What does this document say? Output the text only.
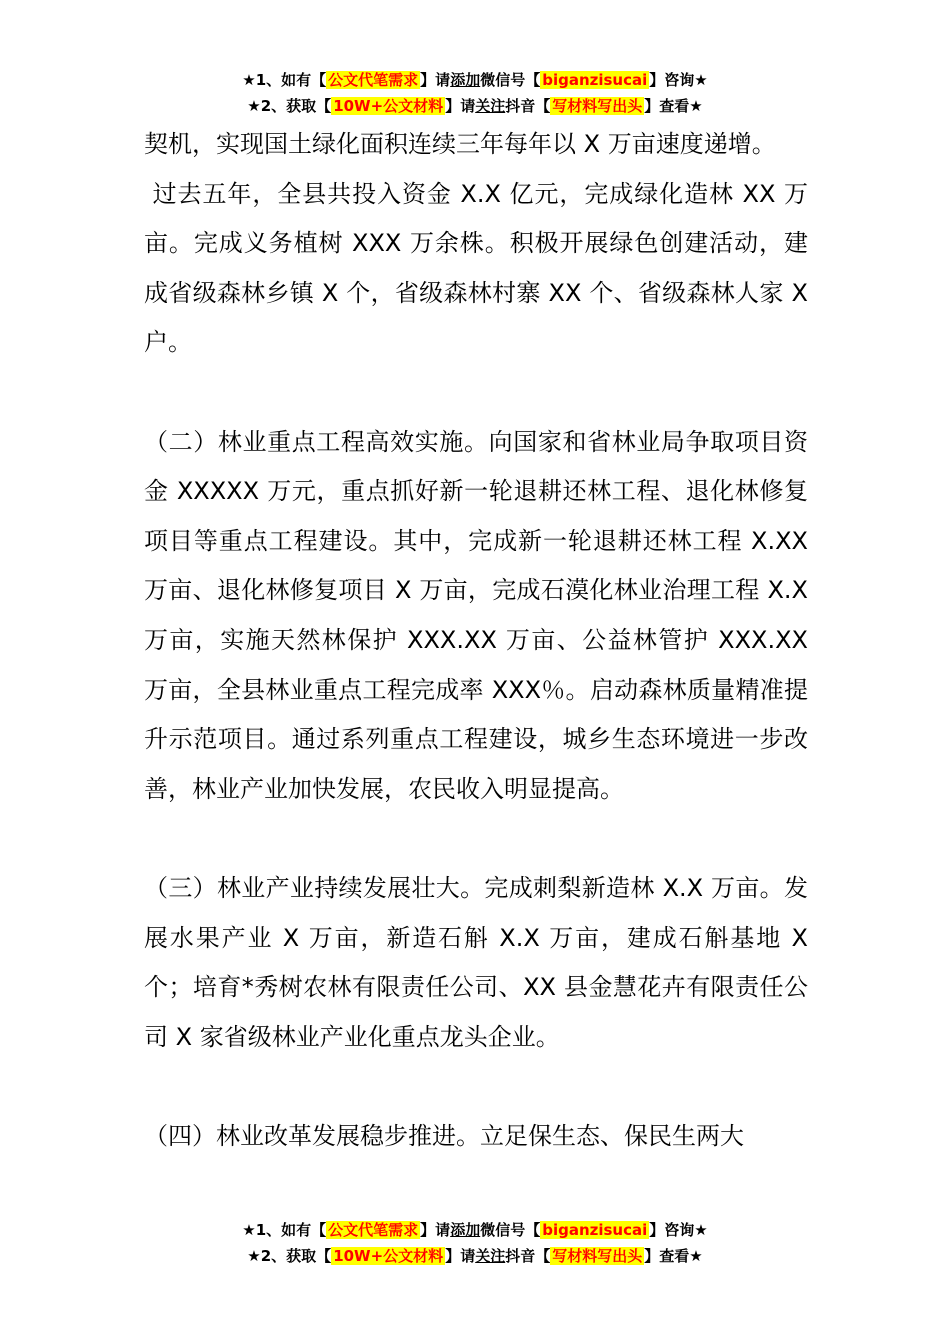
★1、如有【 公文代笔需求 】请添加微信号【 biganzisucai 】咨询★
★2、获取【 10W+公文材料 】请关注抖音【 写材料写出头 】查看★

契机，实现国土绿化面积连续三年每年以 X 万亩速度递增。

过去五年，全县共投入资金 X.X 亿元，完成绿化造林 XX 万亩。完成义务植树 XXX 万余株。积极开展绿色创建活动，建成省级森林乡镇 X 个，省级森林村寨 XX 个、省级森林人家 X 户。

（二）林业重点工程高效实施。向国家和省林业局争取项目资金 XXXXX 万元，重点抓好新一轮退耕还林工程、退化林修复项目等重点工程建设。其中，完成新一轮退耕还林工程 X.XX 万亩、退化林修复项目 X 万亩，完成石漠化林业治理工程 X.X 万亩，实施天然林保护 XXX.XX 万亩、公益林管护 XXX.XX 万亩，全县林业重点工程完成率 XXX％。启动森林质量精准提升示范项目。通过系列重点工程建设，城乡生态环境进一步改善，林业产业加快发展，农民收入明显提高。

（三）林业产业持续发展壮大。完成刺梨新造林 X.X 万亩。发展水果产业 X 万亩，新造石斛 X.X 万亩，建成石斛基地 X 个；培育*秀树农林有限责任公司、XX 县金慧花卉有限责任公司 X 家省级林业产业化重点龙头企业。

（四）林业改革发展稳步推进。立足保生态、保民生两大

★1、如有【 公文代笔需求 】请添加微信号【 biganzisucai 】咨询★
★2、获取【 10W+公文材料 】请关注抖音【 写材料写出头 】查看★
